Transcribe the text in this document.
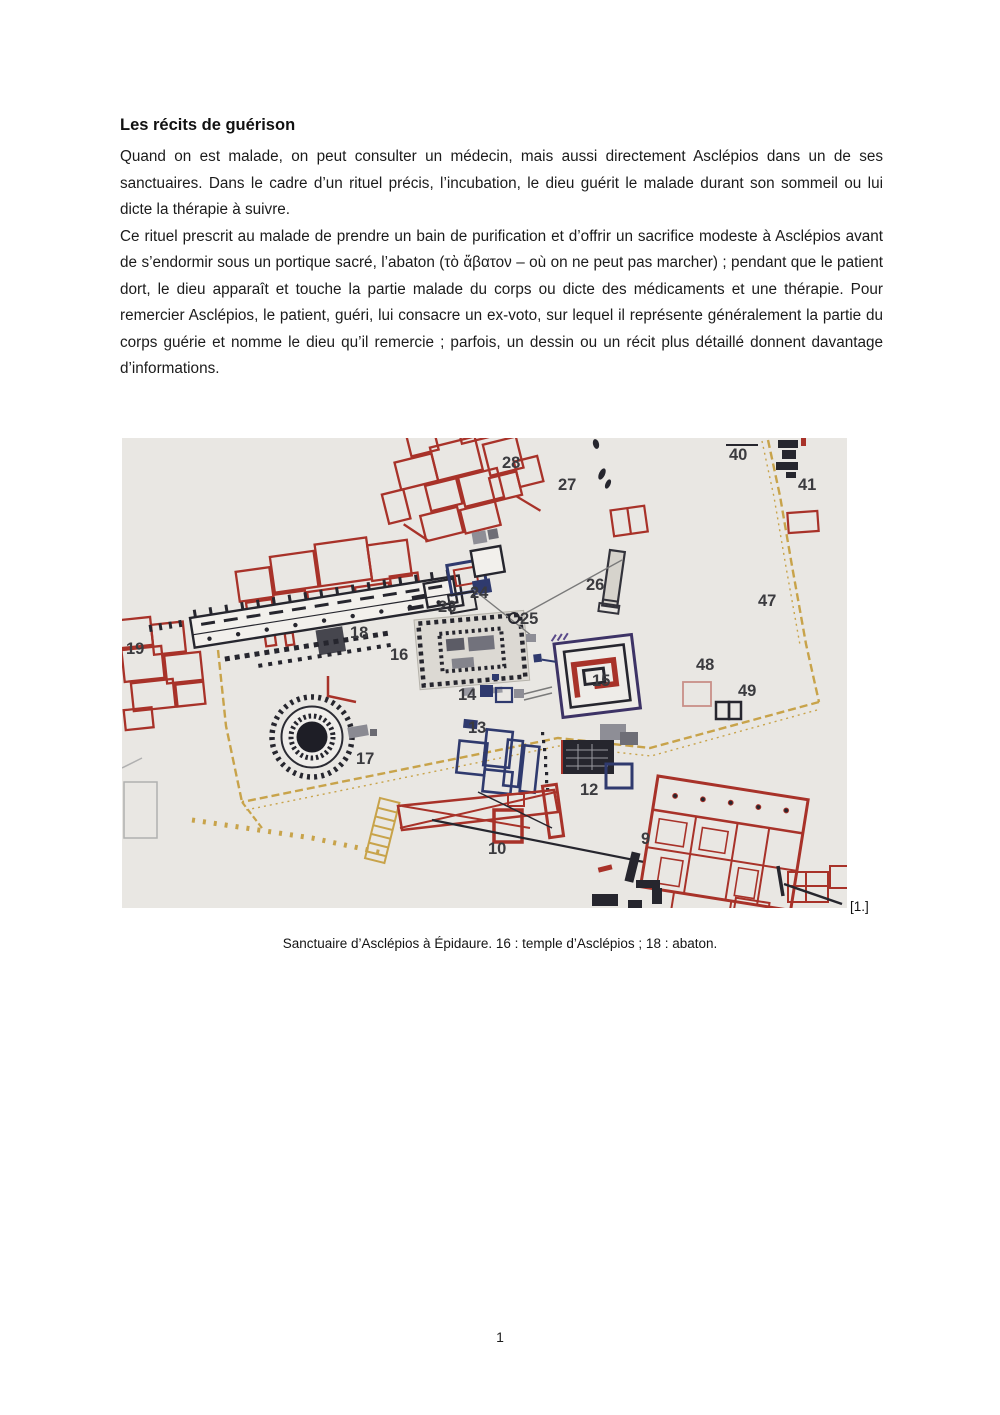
Les récits de guérison

Quand on est malade, on peut consulter un médecin, mais aussi directement Asclépios dans un de ses sanctuaires. Dans le cadre d’un rituel précis, l’incubation, le dieu guérit le malade durant son sommeil ou lui dicte la thérapie à suivre.

Ce rituel prescrit au malade de prendre un bain de purification et d’offrir un sacrifice modeste à Asclépios avant de s’endormir sous un portique sacré, l’abaton (τὸ ἄβατον – où on ne peut pas marcher) ; pendant que le patient dort, le dieu apparaît et touche la partie malade du corps ou dicte des médicaments et une thérapie. Pour remercier Asclépios, le patient, guéri, lui consacre un ex-voto, sur lequel il représente généralement la partie du corps guérie et nomme le dieu qu’il remercie ; parfois, un dessin ou un récit plus détaillé donnent davantage d’informations.

9
10
12
13
14
15
16
17
18
19
23
24
25
26
27
28	40
41
47
48
49
[1.]
Sanctuaire d’Asclépios à Épidaure. 16 : temple d’Asclépios ; 18 : abaton.
1
